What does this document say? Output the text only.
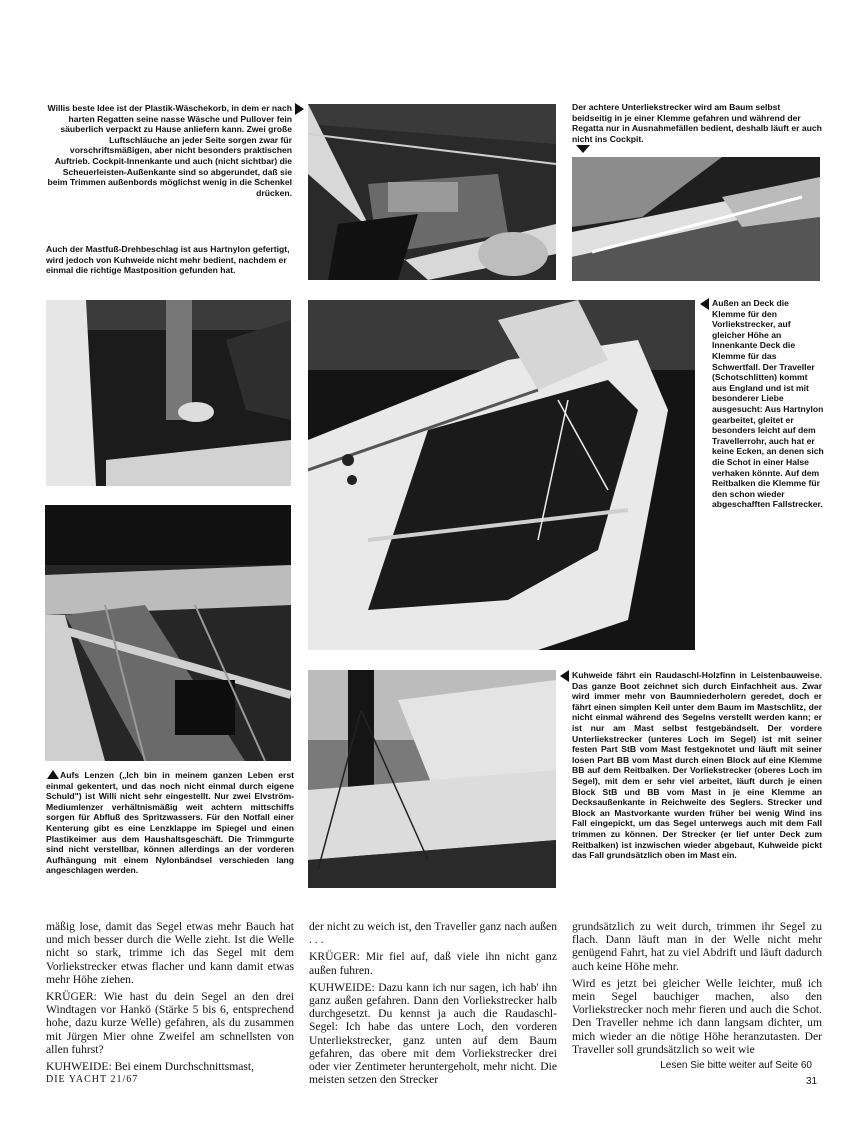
Willis beste Idee ist der Plastik-Wäschekorb, in dem er nach harten Regatten seine nasse Wäsche und Pullover fein säuberlich verpackt zu Hause anliefern kann. Zwei große Luftschläuche an jeder Seite sorgen zwar für vorschriftsmäßigen, aber nicht besonders praktischen Auftrieb. Cockpit-Innenkante und auch (nicht sichtbar) die Scheuerleisten-Außenkante sind so abgerundet, daß sie beim Trimmen außenbords möglichst wenig in die Schenkel drücken.

Auch der Mastfuß-Drehbeschlag ist aus Hartnylon gefertigt, wird jedoch von Kuhweide nicht mehr bedient, nachdem er einmal die richtige Mastposition gefunden hat.

Der achtere Unterliekstrecker wird am Baum selbst beidseitig in je einer Klemme gefahren und während der Regatta nur in Ausnahmefällen bedient, deshalb läuft er auch nicht ins Cockpit.

Außen an Deck die Klemme für den Vorliekstrecker, auf gleicher Höhe an Innenkante Deck die Klemme für das Schwertfall. Der Traveller (Schotschlitten) kommt aus England und ist mit besonderer Liebe ausgesucht: Aus Hartnylon gearbeitet, gleitet er besonders leicht auf dem Travellerrohr, auch hat er keine Ecken, an denen sich die Schot in einer Halse verhaken könnte. Auf dem Reitbalken die Klemme für den schon wieder abgeschafften Fallstrecker.

Aufs Lenzen („Ich bin in meinem ganzen Leben erst einmal gekentert, und das noch nicht einmal durch eigene Schuld") ist Willi nicht sehr eingestellt. Nur zwei Elvström-Mediumlenzer verhältnismäßig weit achtern mittschiffs sorgen für Abfluß des Spritzwassers. Für den Notfall einer Kenterung gibt es eine Lenzklappe im Spiegel und einen Plastikeimer aus dem Haushaltsgeschäft. Die Trimmgurte sind nicht verstellbar, können allerdings an der vorderen Aufhängung mit einem Nylonbändsel verschieden lang angeschlagen werden.

Kuhweide fährt ein Raudaschl-Holzfinn in Leistenbauweise. Das ganze Boot zeichnet sich durch Einfachheit aus. Zwar wird immer mehr von Baumniederholern geredet, doch er fährt einen simplen Keil unter dem Baum im Mastschlitz, der nicht einmal während des Segelns verstellt werden kann; er ist nur am Mast selbst festgebändselt. Der vordere Unterliekstrecker (unteres Loch im Segel) ist mit seiner festen Part StB vom Mast festgeknotet und läuft mit seiner losen Part BB vom Mast durch einen Block auf eine Klemme BB auf dem Reitbalken. Der Vorliekstrecker (oberes Loch im Segel), mit dem er sehr viel arbeitet, läuft durch je einen Block StB und BB vom Mast in je eine Klemme an Decksaußenkante in Reichweite des Seglers. Strecker und Block an Mastvorkante wurden früher bei wenig Wind ins Fall eingepickt, um das Segel unterwegs auch mit dem Fall trimmen zu können. Der Strecker (er lief unter Deck zum Reitbalken) ist inzwischen wieder abgebaut, Kuhweide pickt das Fall grundsätzlich oben im Mast ein.

mäßig lose, damit das Segel etwas mehr Bauch hat und mich besser durch die Welle zieht. Ist die Welle nicht so stark, trimme ich das Segel mit dem Vorliekstrecker etwas flacher und kann damit etwas mehr Höhe ziehen.

KRÜGER: Wie hast du dein Segel an den drei Windtagen vor Hankö (Stärke 5 bis 6, entsprechend hohe, dazu kurze Welle) gefahren, als du zusammen mit Jürgen Mier ohne Zweifel am schnellsten von allen fuhrst?

KUHWEIDE: Bei einem Durchschnittsmast,

der nicht zu weich ist, den Traveller ganz nach außen . . .

KRÜGER: Mir fiel auf, daß viele ihn nicht ganz außen fuhren.

KUHWEIDE: Dazu kann ich nur sagen, ich hab' ihn ganz außen gefahren. Dann den Vorliekstrecker halb durchgesetzt. Du kennst ja auch die Raudaschl-Segel: Ich habe das untere Loch, den vorderen Unterliekstrecker, ganz unten auf dem Baum gefahren, das obere mit dem Vorliekstrecker drei oder vier Zentimeter heruntergeholt, mehr nicht. Die meisten setzen den Strecker

grundsätzlich zu weit durch, trimmen ihr Segel zu flach. Dann läuft man in der Welle nicht mehr genügend Fahrt, hat zu viel Abdrift und läuft dadurch auch keine Höhe mehr.

Wird es jetzt bei gleicher Welle leichter, muß ich mein Segel bauchiger machen, also den Vorliekstrecker noch mehr fieren und auch die Schot. Den Traveller nehme ich dann langsam dichter, um mich wieder an die nötige Höhe heranzutasten. Der Traveller soll grundsätzlich so weit wie

DIE YACHT 21/67
Lesen Sie bitte weiter auf Seite 60
31
